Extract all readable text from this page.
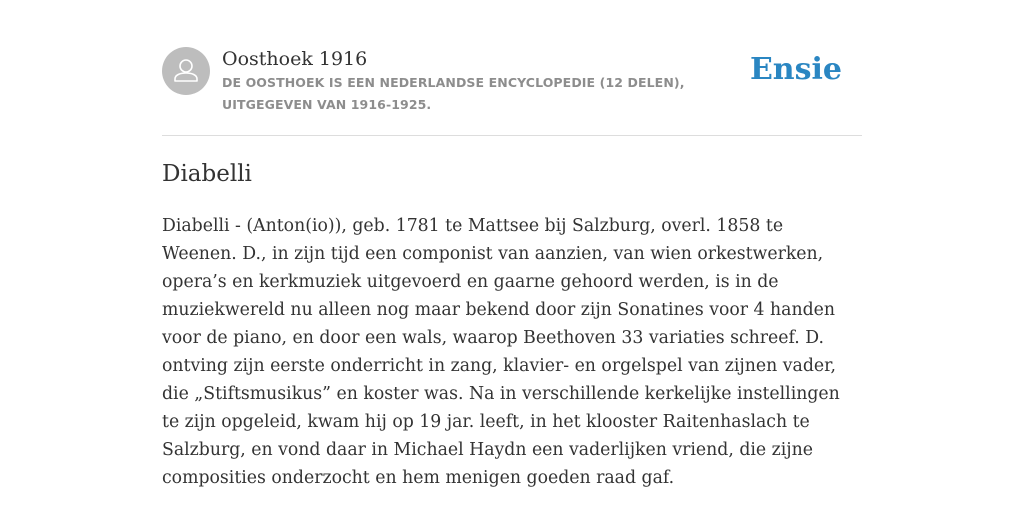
Oosthoek 1916
DE OOSTHOEK IS EEN NEDERLANDSE ENCYCLOPEDIE (12 DELEN), UITGEGEVEN VAN 1916-1925.
Ensie
Diabelli

Diabelli - (Anton(io)), geb. 1781 te Mattsee bij Salzburg, overl. 1858 te Weenen. D., in zijn tijd een componist van aanzien, van wien orkestwerken, opera’s en kerkmuziek uitgevoerd en gaarne gehoord werden, is in de muziekwereld nu alleen nog maar bekend door zijn Sonatines voor 4 handen voor de piano, en door een wals, waarop Beethoven 33 variaties schreef. D. ontving zijn eerste onderricht in zang, klavier- en orgelspel van zijnen vader, die „Stiftsmusikus” en koster was. Na in verschillende kerkelijke instellingen te zijn opgeleid, kwam hij op 19 jar. leeft, in het klooster Raitenhaslach te Salzburg, en vond daar in Michael Haydn een vaderlijken vriend, die zijne composities onderzocht en hem menigen goeden raad gaf.
